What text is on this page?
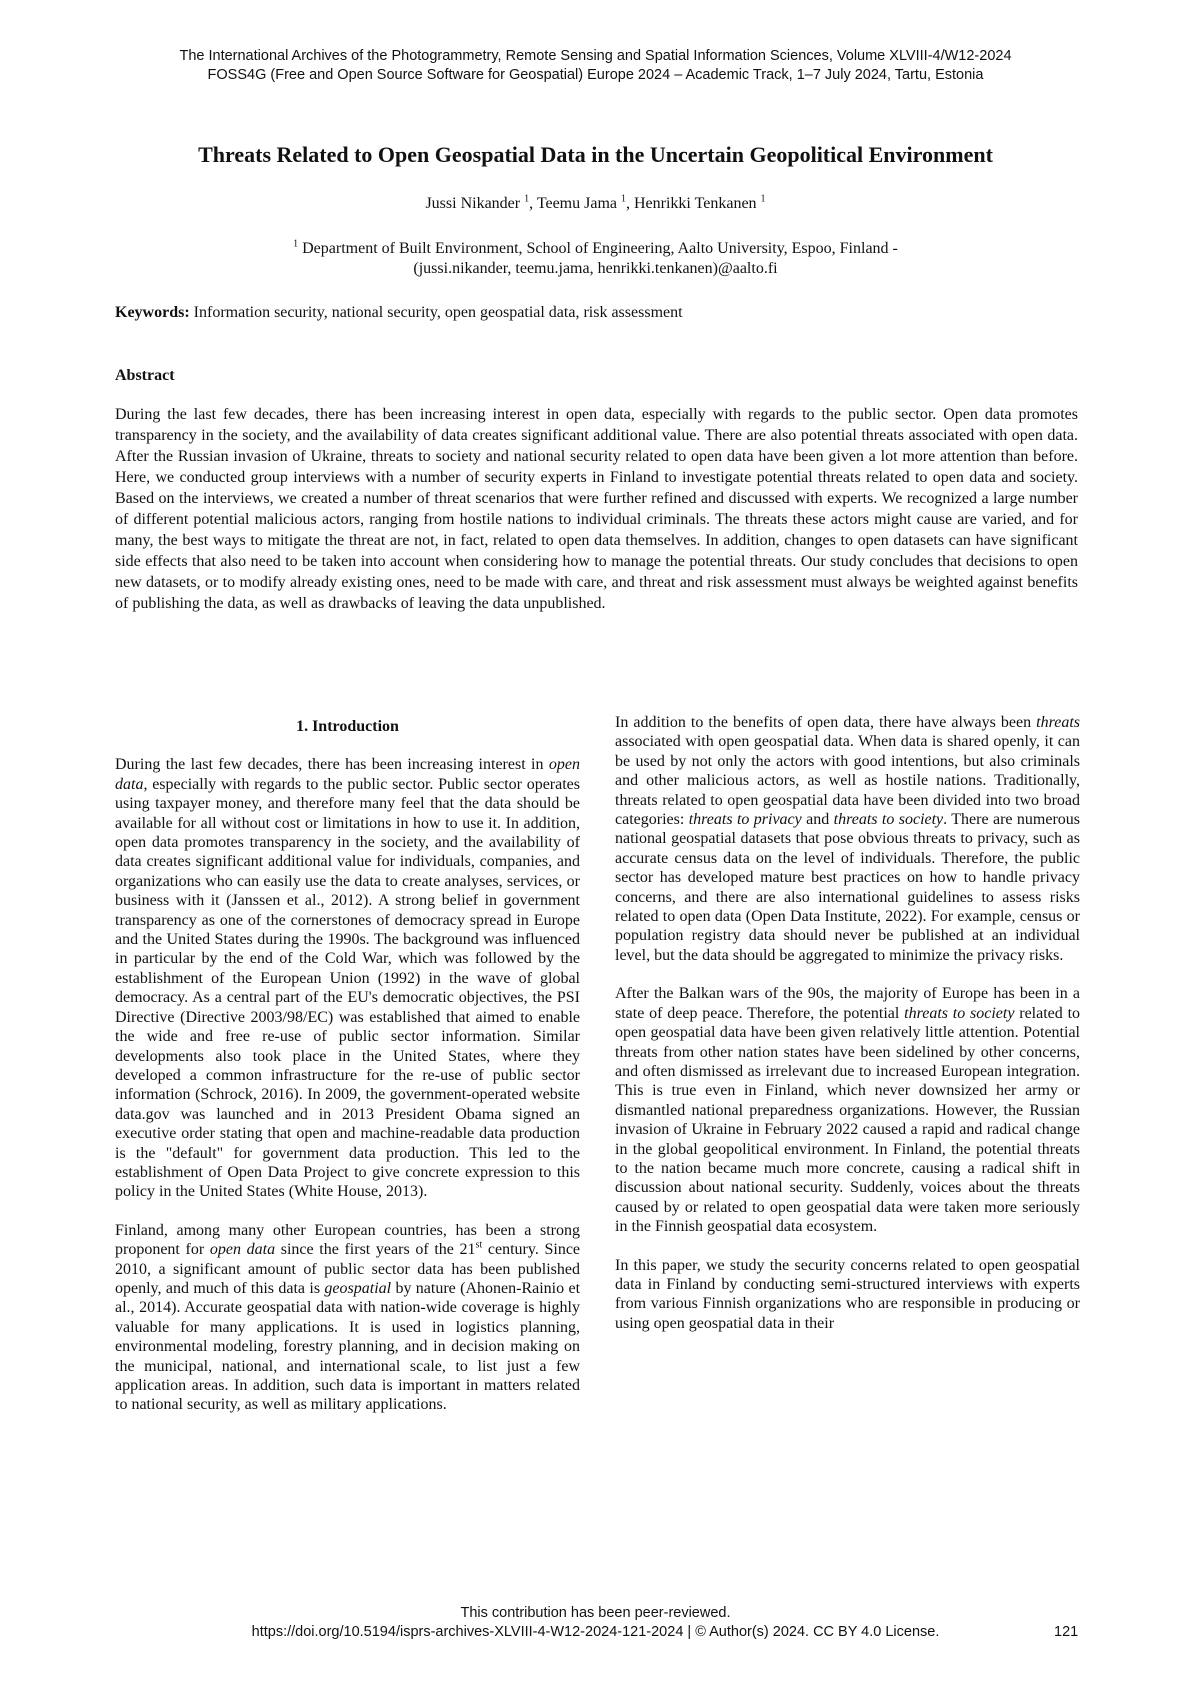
The International Archives of the Photogrammetry, Remote Sensing and Spatial Information Sciences, Volume XLVIII-4/W12-2024
FOSS4G (Free and Open Source Software for Geospatial) Europe 2024 – Academic Track, 1–7 July 2024, Tartu, Estonia
Threats Related to Open Geospatial Data in the Uncertain Geopolitical Environment
Jussi Nikander $^1$, Teemu Jama $^1$, Henrikki Tenkanen $^1$
$^1$ Department of Built Environment, School of Engineering, Aalto University, Espoo, Finland -
(jussi.nikander, teemu.jama, henrikki.tenkanen)@aalto.fi
Keywords: Information security, national security, open geospatial data, risk assessment
Abstract

During the last few decades, there has been increasing interest in open data, especially with regards to the public sector. Open data promotes transparency in the society, and the availability of data creates significant additional value. There are also potential threats associated with open data. After the Russian invasion of Ukraine, threats to society and national security related to open data have been given a lot more attention than before. Here, we conducted group interviews with a number of security experts in Finland to investigate potential threats related to open data and society. Based on the interviews, we created a number of threat scenarios that were further refined and discussed with experts. We recognized a large number of different potential malicious actors, ranging from hostile nations to individual criminals. The threats these actors might cause are varied, and for many, the best ways to mitigate the threat are not, in fact, related to open data themselves. In addition, changes to open datasets can have significant side effects that also need to be taken into account when considering how to manage the potential threats. Our study concludes that decisions to open new datasets, or to modify already existing ones, need to be made with care, and threat and risk assessment must always be weighted against benefits of publishing the data, as well as drawbacks of leaving the data unpublished.

1. Introduction

During the last few decades, there has been increasing interest in open data, especially with regards to the public sector. Public sector operates using taxpayer money, and therefore many feel that the data should be available for all without cost or limitations in how to use it. In addition, open data promotes transparency in the society, and the availability of data creates significant additional value for individuals, companies, and organizations who can easily use the data to create analyses, services, or business with it (Janssen et al., 2012). A strong belief in government transparency as one of the cornerstones of democracy spread in Europe and the United States during the 1990s. The background was influenced in particular by the end of the Cold War, which was followed by the establishment of the European Union (1992) in the wave of global democracy. As a central part of the EU's democratic objectives, the PSI Directive (Directive 2003/98/EC) was established that aimed to enable the wide and free re-use of public sector information. Similar developments also took place in the United States, where they developed a common infrastructure for the re-use of public sector information (Schrock, 2016). In 2009, the government-operated website data.gov was launched and in 2013 President Obama signed an executive order stating that open and machine-readable data production is the "default" for government data production. This led to the establishment of Open Data Project to give concrete expression to this policy in the United States (White House, 2013).

Finland, among many other European countries, has been a strong proponent for open data since the first years of the 21st century. Since 2010, a significant amount of public sector data has been published openly, and much of this data is geospatial by nature (Ahonen-Rainio et al., 2014). Accurate geospatial data with nation-wide coverage is highly valuable for many applications. It is used in logistics planning, environmental modeling, forestry planning, and in decision making on the municipal, national, and international scale, to list just a few application areas. In addition, such data is important in matters related to national security, as well as military applications.

In addition to the benefits of open data, there have always been threats associated with open geospatial data. When data is shared openly, it can be used by not only the actors with good intentions, but also criminals and other malicious actors, as well as hostile nations. Traditionally, threats related to open geospatial data have been divided into two broad categories: threats to privacy and threats to society. There are numerous national geospatial datasets that pose obvious threats to privacy, such as accurate census data on the level of individuals. Therefore, the public sector has developed mature best practices on how to handle privacy concerns, and there are also international guidelines to assess risks related to open data (Open Data Institute, 2022). For example, census or population registry data should never be published at an individual level, but the data should be aggregated to minimize the privacy risks.

After the Balkan wars of the 90s, the majority of Europe has been in a state of deep peace. Therefore, the potential threats to society related to open geospatial data have been given relatively little attention. Potential threats from other nation states have been sidelined by other concerns, and often dismissed as irrelevant due to increased European integration. This is true even in Finland, which never downsized her army or dismantled national preparedness organizations. However, the Russian invasion of Ukraine in February 2022 caused a rapid and radical change in the global geopolitical environment. In Finland, the potential threats to the nation became much more concrete, causing a radical shift in discussion about national security. Suddenly, voices about the threats caused by or related to open geospatial data were taken more seriously in the Finnish geospatial data ecosystem.

In this paper, we study the security concerns related to open geospatial data in Finland by conducting semi-structured interviews with experts from various Finnish organizations who are responsible in producing or using open geospatial data in their

This contribution has been peer-reviewed.
https://doi.org/10.5194/isprs-archives-XLVIII-4-W12-2024-121-2024 | © Author(s) 2024. CC BY 4.0 License.	121
